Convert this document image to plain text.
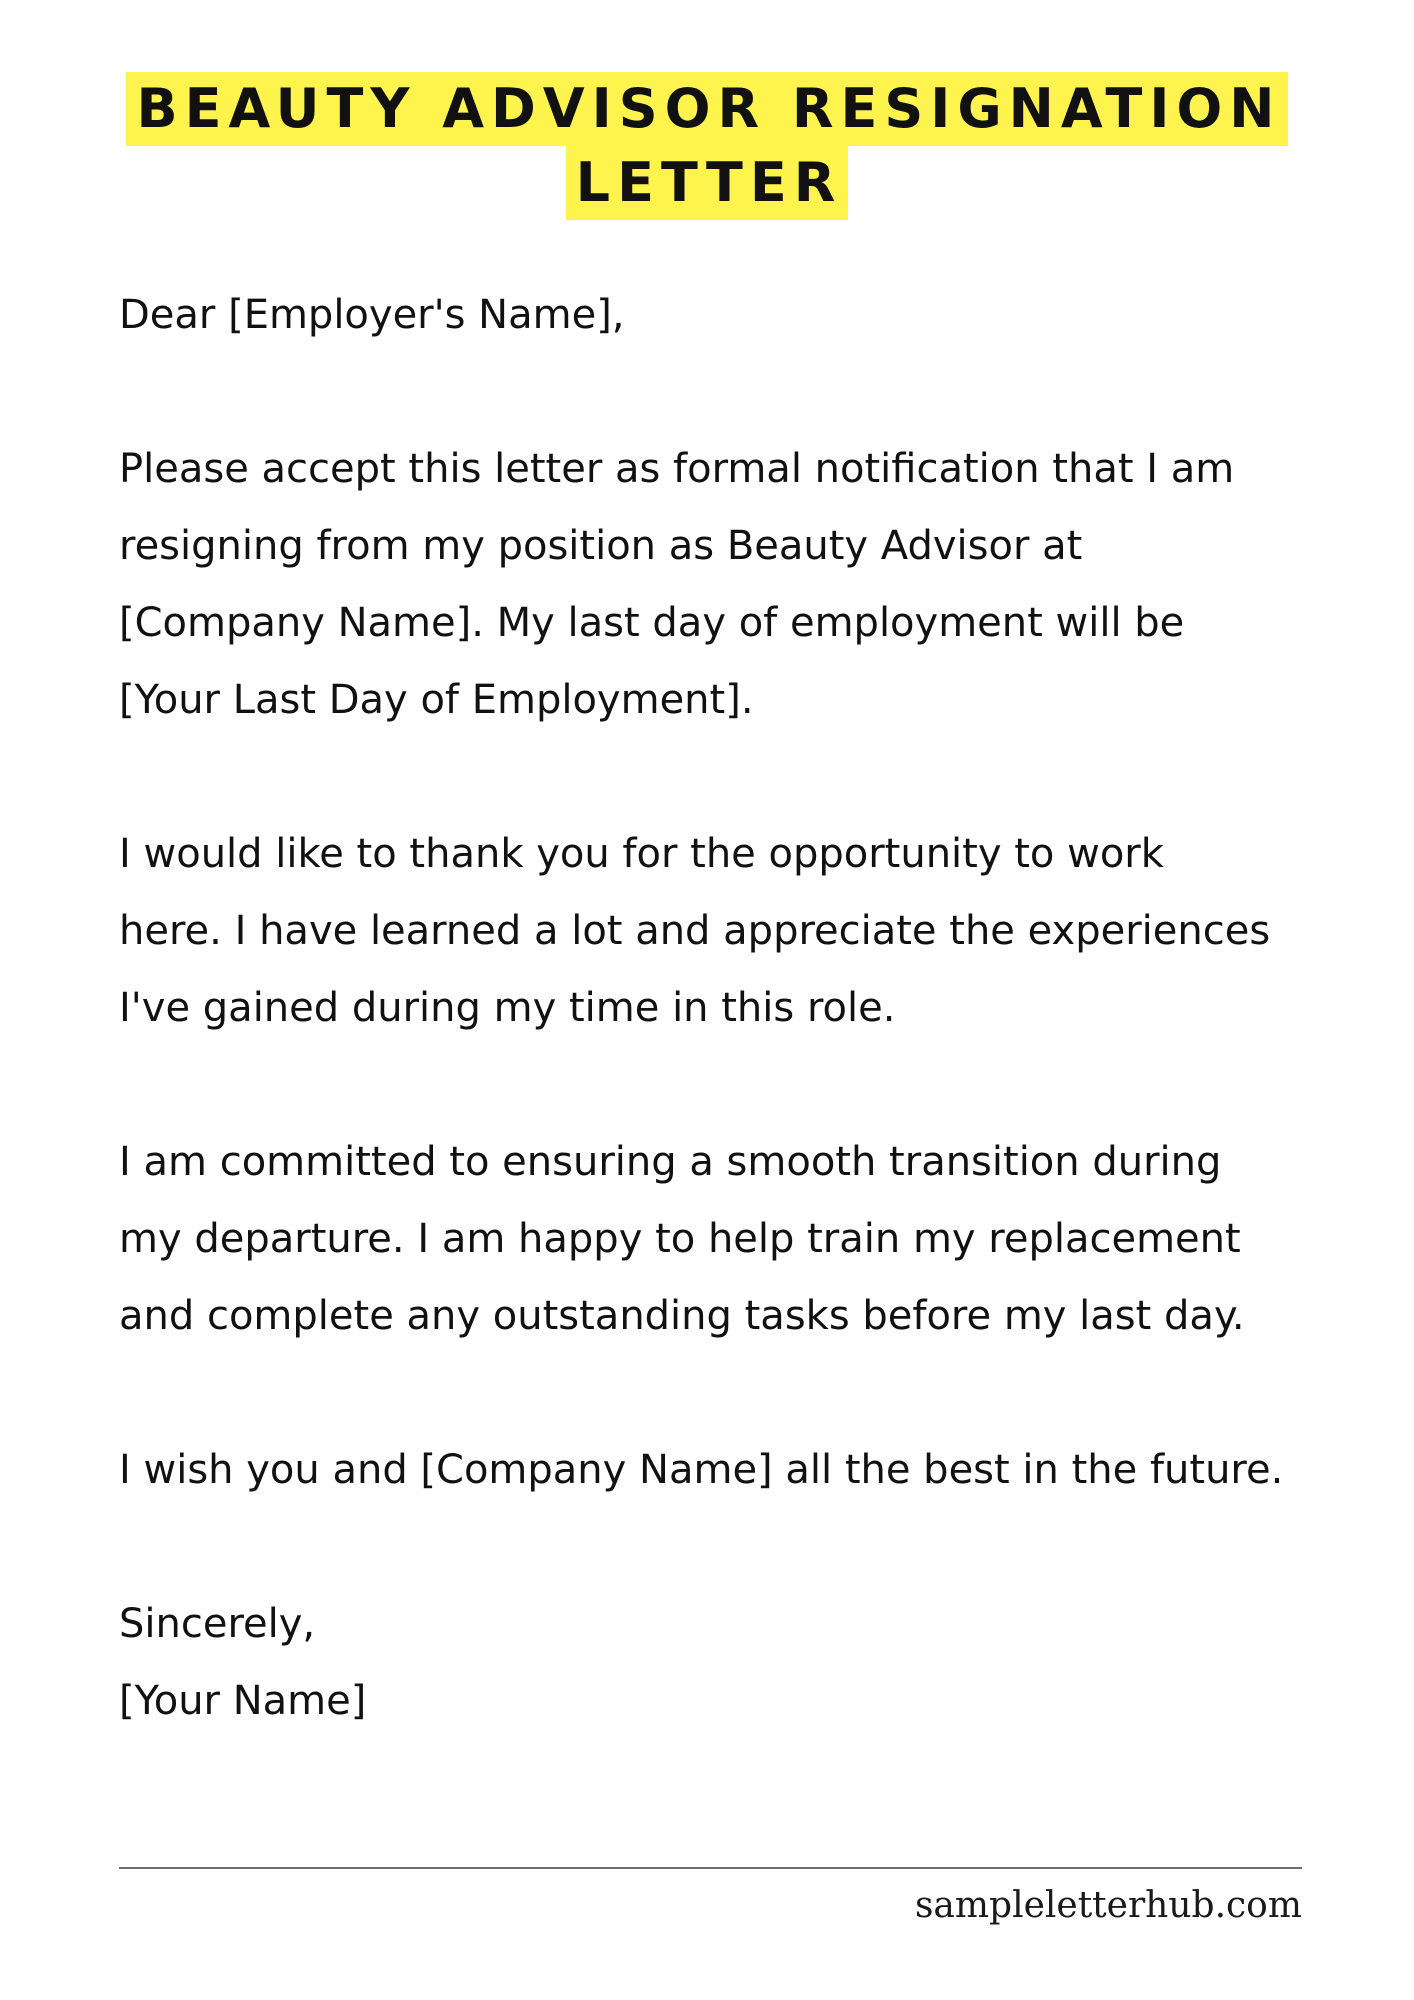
BEAUTY ADVISOR RESIGNATION
LETTER

Dear [Employer's Name],

Please accept this letter as formal notification that I am

resigning from my position as Beauty Advisor at

[Company Name]. My last day of employment will be

[Your Last Day of Employment].

I would like to thank you for the opportunity to work

here. I have learned a lot and appreciate the experiences

I've gained during my time in this role.

I am committed to ensuring a smooth transition during

my departure. I am happy to help train my replacement

and complete any outstanding tasks before my last day.

I wish you and [Company Name] all the best in the future.

Sincerely,

[Your Name]

sampleletterhub.com
